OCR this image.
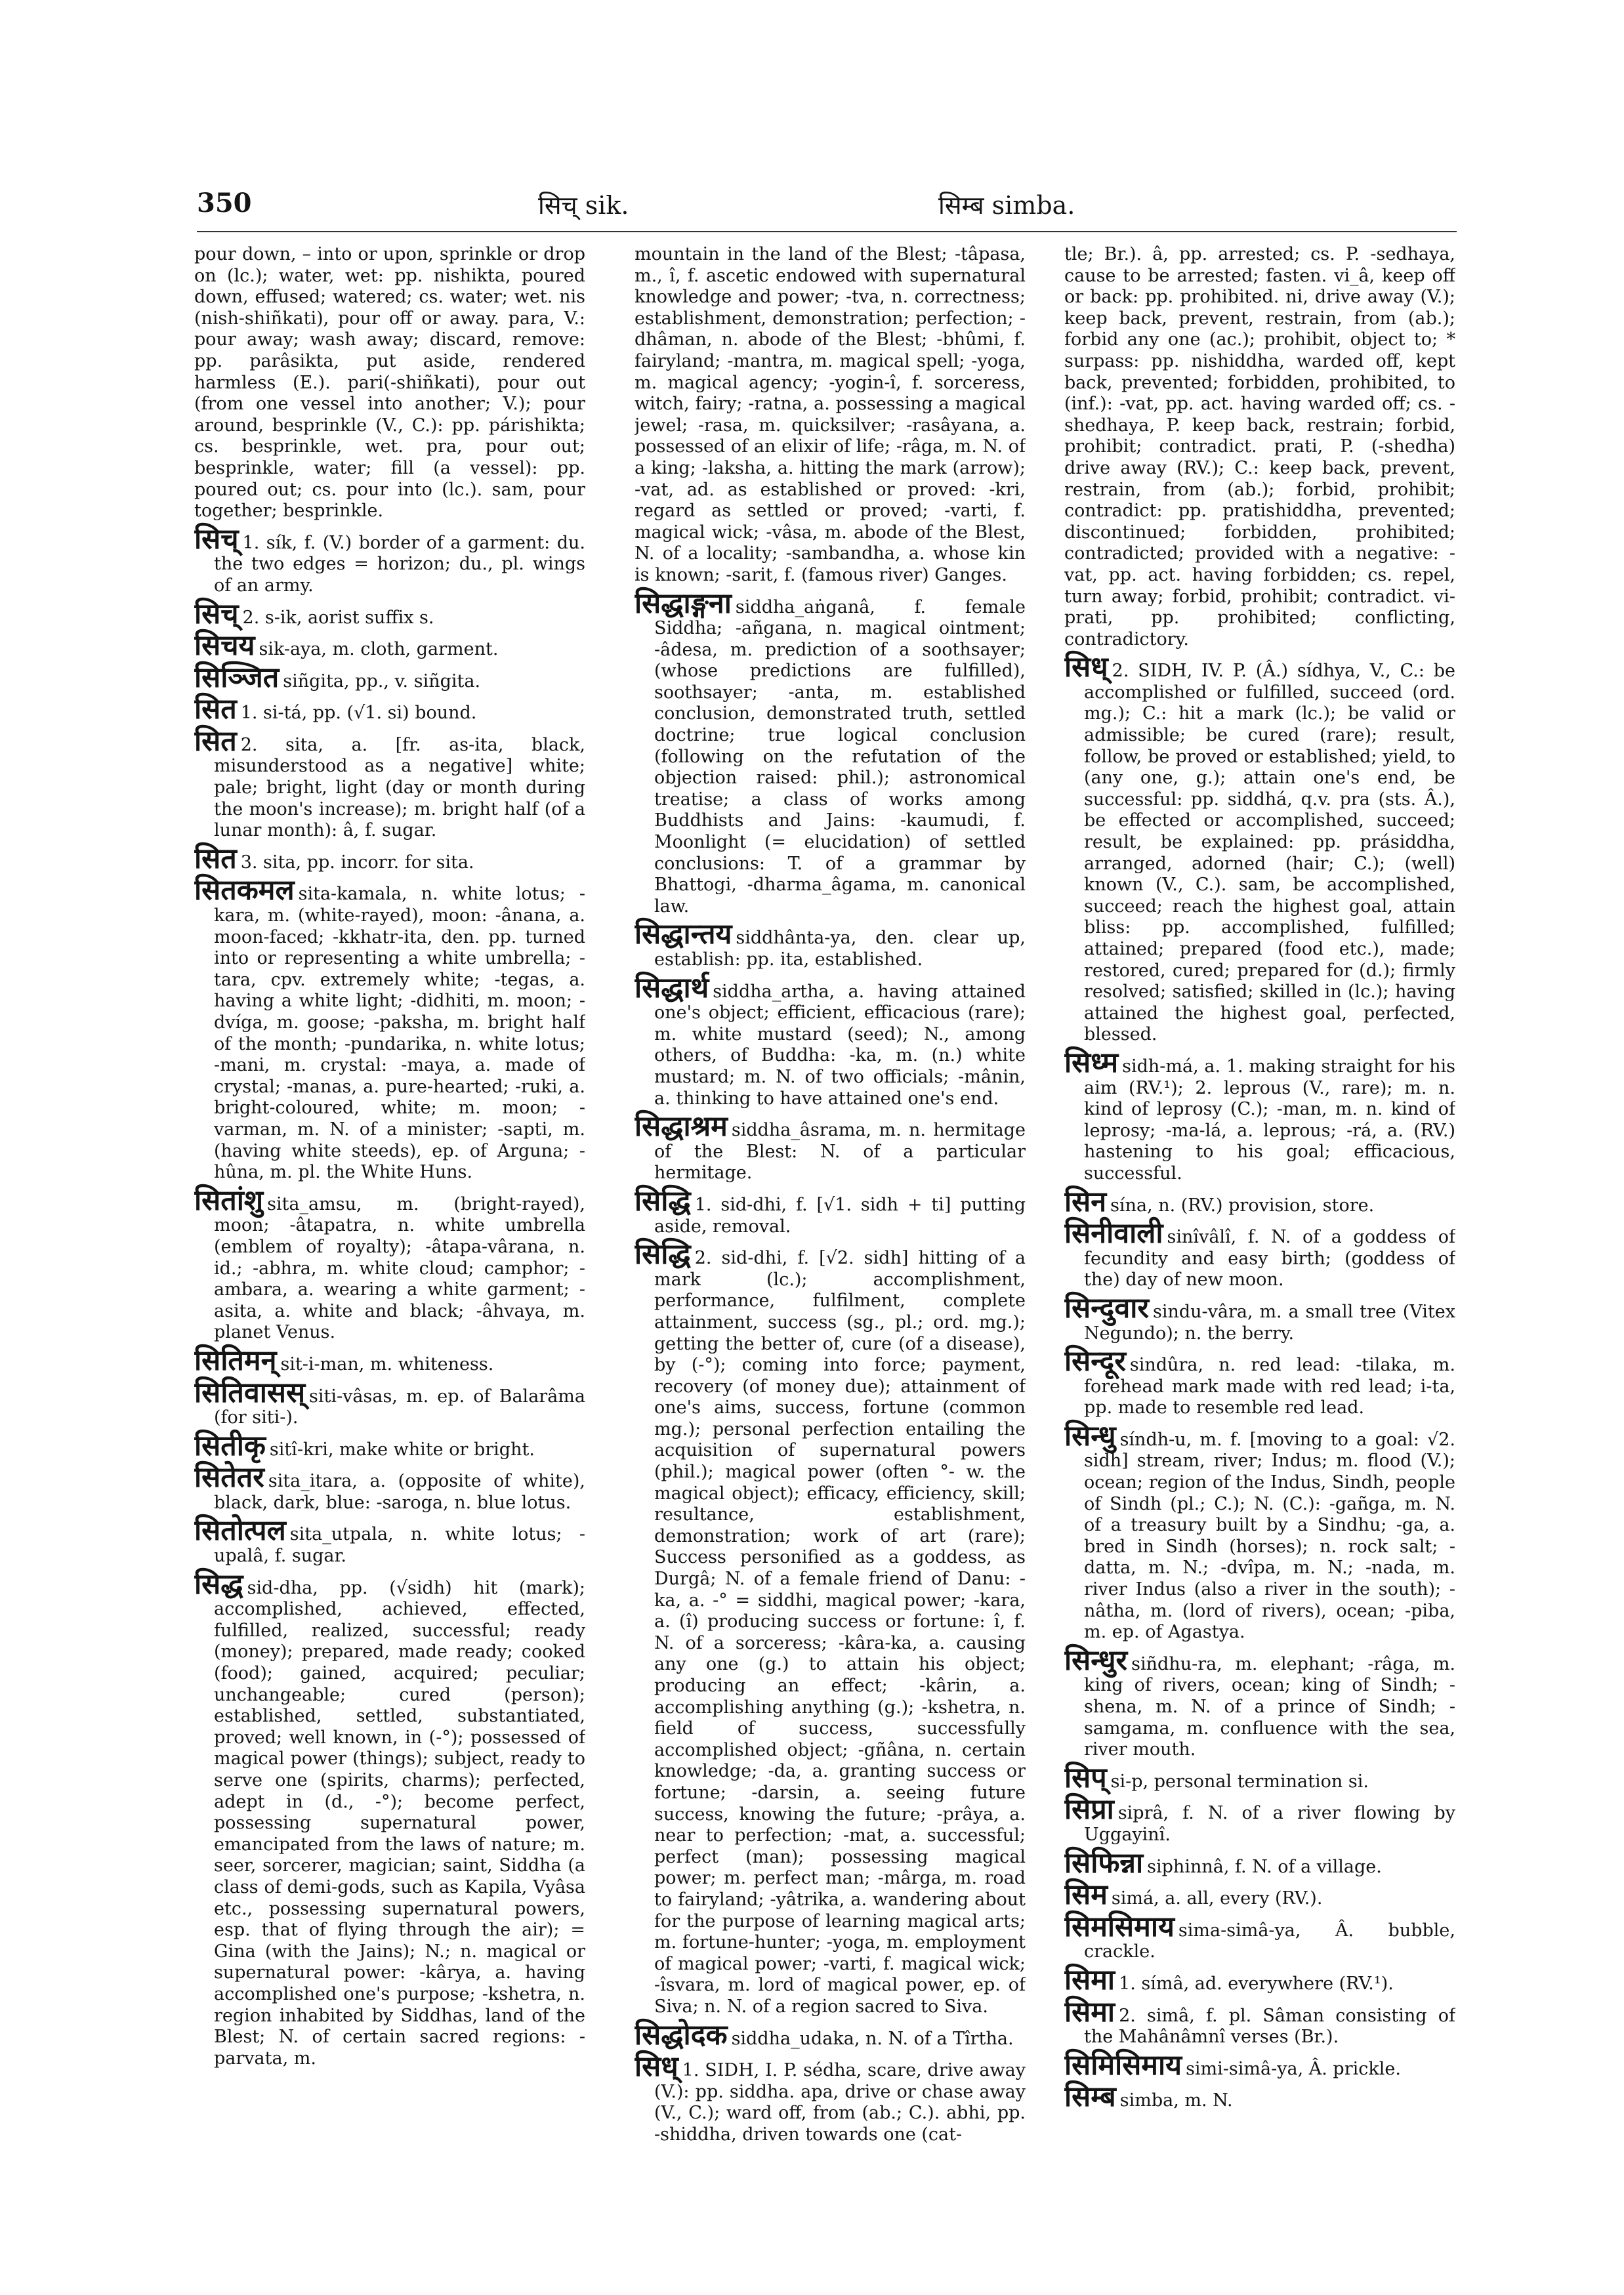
350	सिच् sik.	सिम्ब simba.

pour down, – into or upon, sprinkle or drop on (lc.); water, wet: pp. nishikta, poured down, effused; watered; cs. water; wet. nis (nish-shiñkati), pour off or away. para, V.: pour away; wash away; discard, remove: pp. parâsikta, put aside, rendered harmless (E.). pari(-shiñkati), pour out (from one vessel into another; V.); pour around, besprinkle (V., C.): pp. párishikta; cs. besprinkle, wet. pra, pour out; besprinkle, water; fill (a vessel): pp. poured out; cs. pour into (lc.). sam, pour together; besprinkle.

सिच् 1. sík, f. (V.) border of a garment: du. the two edges = horizon; du., pl. wings of an army.

सिच् 2. s-ik, aorist suffix s.

सिचय sik-aya, m. cloth, garment.

सिञ्जित siñgita, pp., v. siñgita.

सित 1. si-tá, pp. (√1. si) bound.

सित 2. sita, a. [fr. as-ita, black, misunderstood as a negative] white; pale; bright, light (day or month during the moon's increase); m. bright half (of a lunar month): â, f. sugar.

सित 3. sita, pp. incorr. for sita.

सितकमल sita-kamala, n. white lotus; -kara, m. (white-rayed), moon: -ânana, a. moon-faced; -kkhatr-ita, den. pp. turned into or representing a white umbrella; -tara, cpv. extremely white; -tegas, a. having a white light; -didhiti, m. moon; -dvíga, m. goose; -paksha, m. bright half of the month; -pundarika, n. white lotus; -mani, m. crystal: -maya, a. made of crystal; -manas, a. pure-hearted; -ruki, a. bright-coloured, white; m. moon; -varman, m. N. of a minister; -sapti, m. (having white steeds), ep. of Arguna; -hûna, m. pl. the White Huns.

सितांशु sita_amsu, m. (bright-rayed), moon; -âtapatra, n. white umbrella (emblem of royalty); -âtapa-vârana, n. id.; -abhra, m. white cloud; camphor; -ambara, a. wearing a white garment; -asita, a. white and black; -âhvaya, m. planet Venus.

सितिमन् sit-i-man, m. whiteness.

सितिवासस् siti-vâsas, m. ep. of Balarâma (for siti-).

सितीकृ sitî-kri, make white or bright.

सितेतर sita_itara, a. (opposite of white), black, dark, blue: -saroga, n. blue lotus.

सितोत्पल sita_utpala, n. white lotus; -upalâ, f. sugar.

सिद्ध sid-dha, pp. (√sidh) hit (mark); accomplished, achieved, effected, fulfilled, realized, successful; ready (money); prepared, made ready; cooked (food); gained, acquired; peculiar; unchangeable; cured (person); established, settled, substantiated, proved; well known, in (-°); possessed of magical power (things); subject, ready to serve one (spirits, charms); perfected, adept in (d., -°); become perfect, possessing supernatural power, emancipated from the laws of nature; m. seer, sorcerer, magician; saint, Siddha (a class of demi-gods, such as Kapila, Vyâsa etc., possessing supernatural powers, esp. that of flying through the air); = Gina (with the Jains); N.; n. magical or supernatural power: -kârya, a. having accomplished one's purpose; -kshetra, n. region inhabited by Siddhas, land of the Blest; N. of certain sacred regions: -parvata, m.

mountain in the land of the Blest; -tâpasa, m., î, f. ascetic endowed with supernatural knowledge and power; -tva, n. correctness; establishment, demonstration; perfection; -dhâman, n. abode of the Blest; -bhûmi, f. fairyland; -mantra, m. magical spell; -yoga, m. magical agency; -yogin-î, f. sorceress, witch, fairy; -ratna, a. possessing a magical jewel; -rasa, m. quicksilver; -rasâyana, a. possessed of an elixir of life; -râga, m. N. of a king; -laksha, a. hitting the mark (arrow); -vat, ad. as established or proved: -kri, regard as settled or proved; -varti, f. magical wick; -vâsa, m. abode of the Blest, N. of a locality; -sambandha, a. whose kin is known; -sarit, f. (famous river) Ganges.

सिद्धाङ्गना siddha_aṅganâ, f. female Siddha; -añgana, n. magical ointment; -âdesa, m. prediction of a soothsayer; (whose predictions are fulfilled), soothsayer; -anta, m. established conclusion, demonstrated truth, settled doctrine; true logical conclusion (following on the refutation of the objection raised: phil.); astronomical treatise; a class of works among Buddhists and Jains: -kaumudi, f. Moonlight (= elucidation) of settled conclusions: T. of a grammar by Bhattogi, -dharma_âgama, m. canonical law.

सिद्धान्तय siddhânta-ya, den. clear up, establish: pp. ita, established.

सिद्धार्थ siddha_artha, a. having attained one's object; efficient, efficacious (rare); m. white mustard (seed); N., among others, of Buddha: -ka, m. (n.) white mustard; m. N. of two officials; -mânin, a. thinking to have attained one's end.

सिद्धाश्रम siddha_âsrama, m. n. hermitage of the Blest: N. of a particular hermitage.

सिद्धि 1. sid-dhi, f. [√1. sidh + ti] putting aside, removal.

सिद्धि 2. sid-dhi, f. [√2. sidh] hitting of a mark (lc.); accomplishment, performance, fulfilment, complete attainment, success (sg., pl.; ord. mg.); getting the better of, cure (of a disease), by (-°); coming into force; payment, recovery (of money due); attainment of one's aims, success, fortune (common mg.); personal perfection entailing the acquisition of supernatural powers (phil.); magical power (often °- w. the magical object); efficacy, efficiency, skill; resultance, establishment, demonstration; work of art (rare); Success personified as a goddess, as Durgâ; N. of a female friend of Danu: -ka, a. -° = siddhi, magical power; -kara, a. (î) producing success or fortune: î, f. N. of a sorceress; -kâra-ka, a. causing any one (g.) to attain his object; producing an effect; -kârin, a. accomplishing anything (g.); -kshetra, n. field of success, successfully accomplished object; -gñâna, n. certain knowledge; -da, a. granting success or fortune; -darsin, a. seeing future success, knowing the future; -prâya, a. near to perfection; -mat, a. successful; perfect (man); possessing magical power; m. perfect man; -mârga, m. road to fairyland; -yâtrika, a. wandering about for the purpose of learning magical arts; m. fortune-hunter; -yoga, m. employment of magical power; -varti, f. magical wick; -îsvara, m. lord of magical power, ep. of Siva; n. N. of a region sacred to Siva.

सिद्धोदक siddha_udaka, n. N. of a Tîrtha.

सिध् 1. SIDH, I. P. sédha, scare, drive away (V.): pp. siddha. apa, drive or chase away (V., C.); ward off, from (ab.; C.). abhi, pp. -shiddha, driven towards one (cat-

tle; Br.). â, pp. arrested; cs. P. -sedhaya, cause to be arrested; fasten. vi_â, keep off or back: pp. prohibited. ni, drive away (V.); keep back, prevent, restrain, from (ab.); forbid any one (ac.); prohibit, object to; * surpass: pp. nishiddha, warded off, kept back, prevented; forbidden, prohibited, to (inf.): -vat, pp. act. having warded off; cs. -shedhaya, P. keep back, restrain; forbid, prohibit; contradict. prati, P. (-shedha) drive away (RV.); C.: keep back, prevent, restrain, from (ab.); forbid, prohibit; contradict: pp. pratishiddha, prevented; discontinued; forbidden, prohibited; contradicted; provided with a negative: -vat, pp. act. having forbidden; cs. repel, turn away; forbid, prohibit; contradict. vi-prati, pp. prohibited; conflicting, contradictory.

सिध् 2. SIDH, IV. P. (Â.) sídhya, V., C.: be accomplished or fulfilled, succeed (ord. mg.); C.: hit a mark (lc.); be valid or admissible; be cured (rare); result, follow, be proved or established; yield, to (any one, g.); attain one's end, be successful: pp. siddhá, q.v. pra (sts. Â.), be effected or accomplished, succeed; result, be explained: pp. prásiddha, arranged, adorned (hair; C.); (well) known (V., C.). sam, be accomplished, succeed; reach the highest goal, attain bliss: pp. accomplished, fulfilled; attained; prepared (food etc.), made; restored, cured; prepared for (d.); firmly resolved; satisfied; skilled in (lc.); having attained the highest goal, perfected, blessed.

सिध्म sidh-má, a. 1. making straight for his aim (RV.¹); 2. leprous (V., rare); m. n. kind of leprosy (C.); -man, m. n. kind of leprosy; -ma-lá, a. leprous; -rá, a. (RV.) hastening to his goal; efficacious, successful.

सिन sína, n. (RV.) provision, store.

सिनीवाली sinîvâlî, f. N. of a goddess of fecundity and easy birth; (goddess of the) day of new moon.

सिन्दुवार sindu-vâra, m. a small tree (Vitex Negundo); n. the berry.

सिन्दूर sindûra, n. red lead: -tilaka, m. forehead mark made with red lead; i-ta, pp. made to resemble red lead.

सिन्धु síndh-u, m. f. [moving to a goal: √2. sidh] stream, river; Indus; m. flood (V.); ocean; region of the Indus, Sindh, people of Sindh (pl.; C.); N. (C.): -gañga, m. N. of a treasury built by a Sindhu; -ga, a. bred in Sindh (horses); n. rock salt; -datta, m. N.; -dvîpa, m. N.; -nada, m. river Indus (also a river in the south); -nâtha, m. (lord of rivers), ocean; -piba, m. ep. of Agastya.

सिन्धुर siñdhu-ra, m. elephant; -râga, m. king of rivers, ocean; king of Sindh; -shena, m. N. of a prince of Sindh; -samgama, m. confluence with the sea, river mouth.

सिप् si-p, personal termination si.

सिप्रा siprâ, f. N. of a river flowing by Uggayinî.

सिफिन्ना siphinnâ, f. N. of a village.

सिम simá, a. all, every (RV.).

सिमसिमाय sima-simâ-ya, Â. bubble, crackle.

सिमा 1. símâ, ad. everywhere (RV.¹).

सिमा 2. simâ, f. pl. Sâman consisting of the Mahânâmnî verses (Br.).

सिमिसिमाय simi-simâ-ya, Â. prickle.

सिम्ब simba, m. N.
